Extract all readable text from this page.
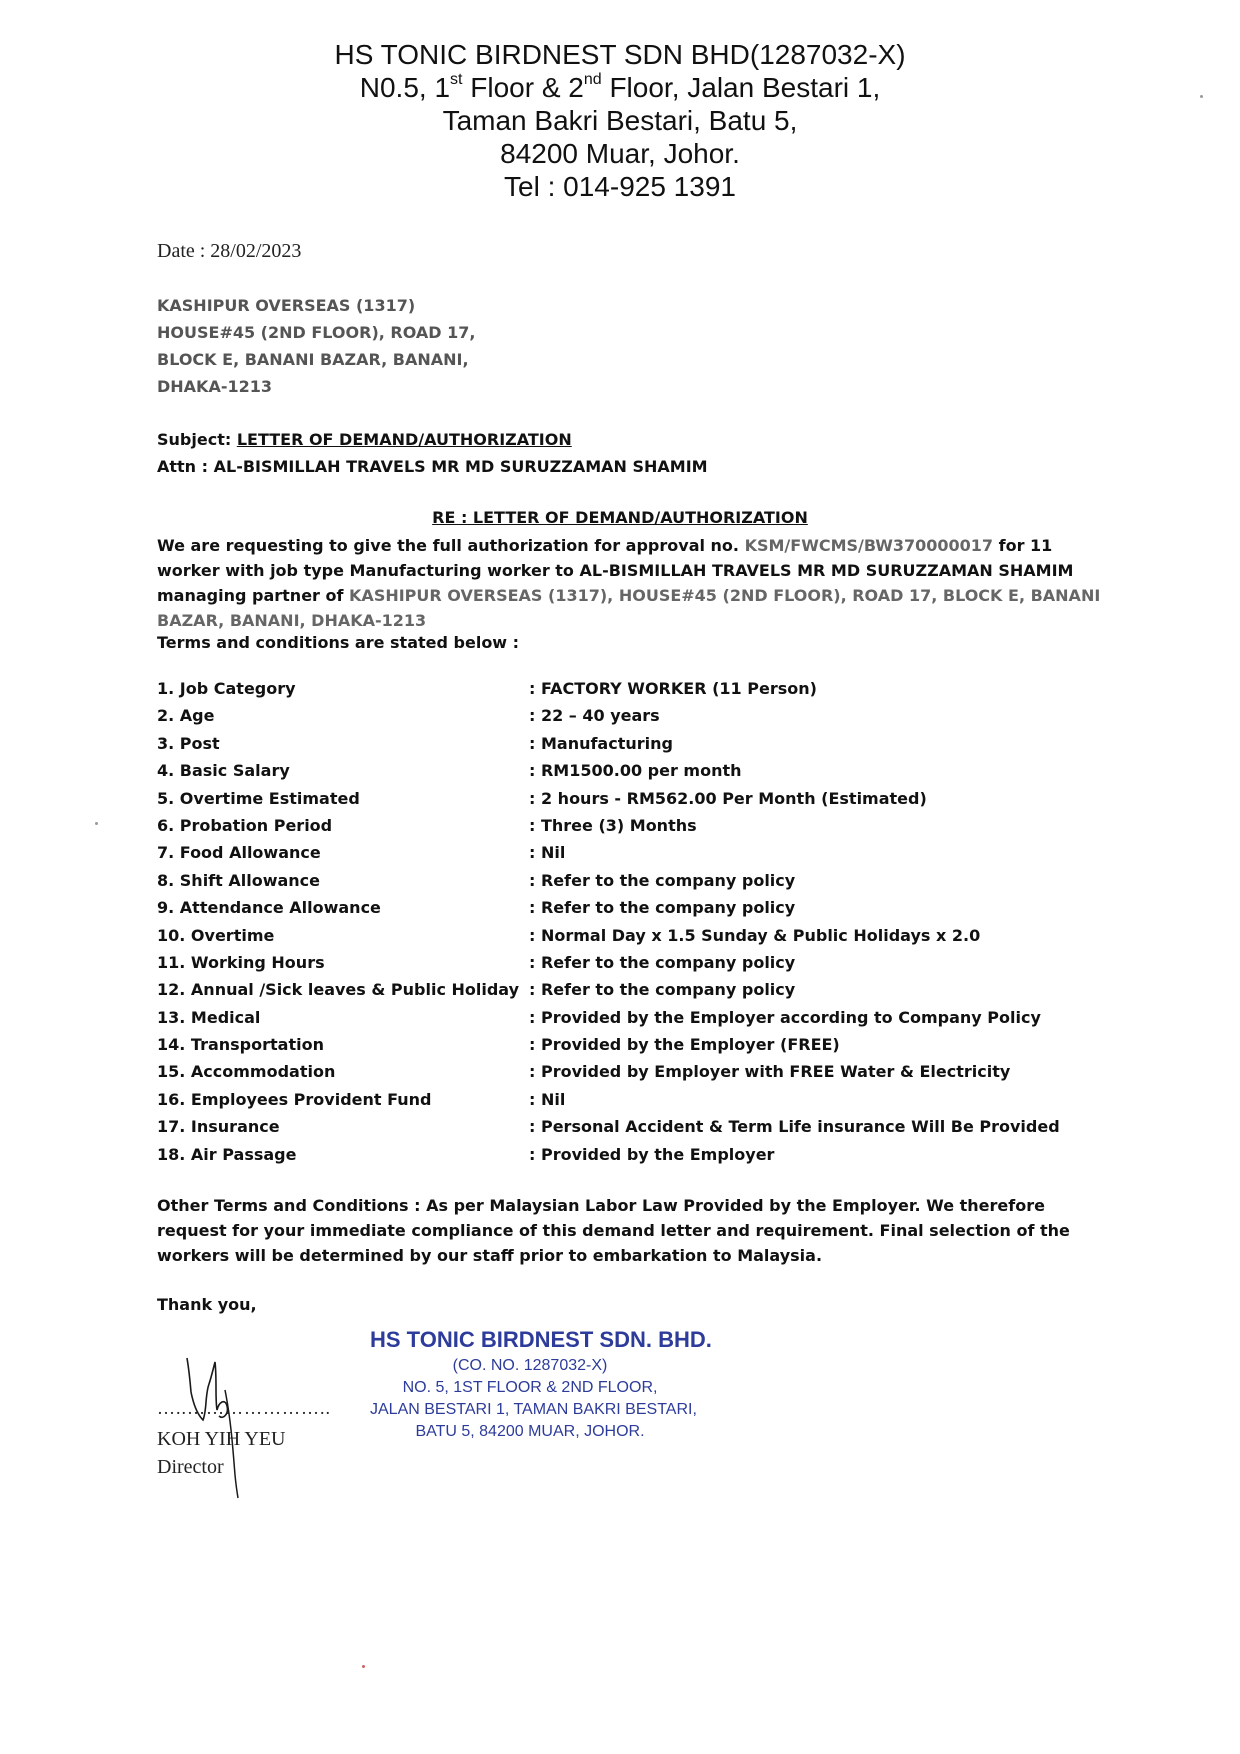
HS TONIC BIRDNEST SDN BHD(1287032-X)
N0.5, 1st Floor & 2nd Floor, Jalan Bestari 1,
Taman Bakri Bestari, Batu 5,
84200 Muar, Johor.
Tel : 014-925 1391
Date : 28/02/2023
KASHIPUR OVERSEAS (1317)
HOUSE#45 (2ND FLOOR), ROAD 17,
BLOCK E, BANANI BAZAR, BANANI,
DHAKA-1213
Subject: LETTER OF DEMAND/AUTHORIZATION
Attn : AL-BISMILLAH TRAVELS MR MD SURUZZAMAN SHAMIM
RE : LETTER OF DEMAND/AUTHORIZATION
We are requesting to give the full authorization for approval no. KSM/FWCMS/BW370000017 for 11 worker with job type Manufacturing worker to AL-BISMILLAH TRAVELS MR MD SURUZZAMAN SHAMIM managing partner of KASHIPUR OVERSEAS (1317), HOUSE#45 (2ND FLOOR), ROAD 17, BLOCK E, BANANI BAZAR, BANANI, DHAKA-1213
Terms and conditions are stated below :
1. Job Category	: FACTORY WORKER (11 Person)
2. Age	: 22 – 40 years
3. Post	: Manufacturing
4. Basic Salary	: RM1500.00 per month
5. Overtime Estimated	: 2 hours - RM562.00 Per Month (Estimated)
6. Probation Period	: Three (3) Months
7. Food Allowance	: Nil
8. Shift Allowance	: Refer to the company policy
9. Attendance Allowance	: Refer to the company policy
10. Overtime	: Normal Day x 1.5 Sunday & Public Holidays x 2.0
11. Working Hours	: Refer to the company policy
12. Annual /Sick leaves & Public Holiday : Refer to the company policy
13. Medical	: Provided by the Employer according to Company Policy
14. Transportation	: Provided by the Employer (FREE)
15. Accommodation	: Provided by Employer with FREE Water & Electricity
16. Employees Provident Fund	: Nil
17. Insurance	: Personal Accident & Term Life insurance Will Be Provided
18. Air Passage	: Provided by the Employer
Other Terms and Conditions : As per Malaysian Labor Law Provided by the Employer. We therefore request for your immediate compliance of this demand letter and requirement. Final selection of the workers will be determined by our staff prior to embarkation to Malaysia.
Thank you,
HS TONIC BIRDNEST SDN. BHD.
(CO. NO. 1287032-X)
NO. 5, 1ST FLOOR & 2ND FLOOR,
JALAN BESTARI 1, TAMAN BAKRI BESTARI,
BATU 5, 84200 MUAR, JOHOR.
…..…………………..
KOH YIH YEU
Director
